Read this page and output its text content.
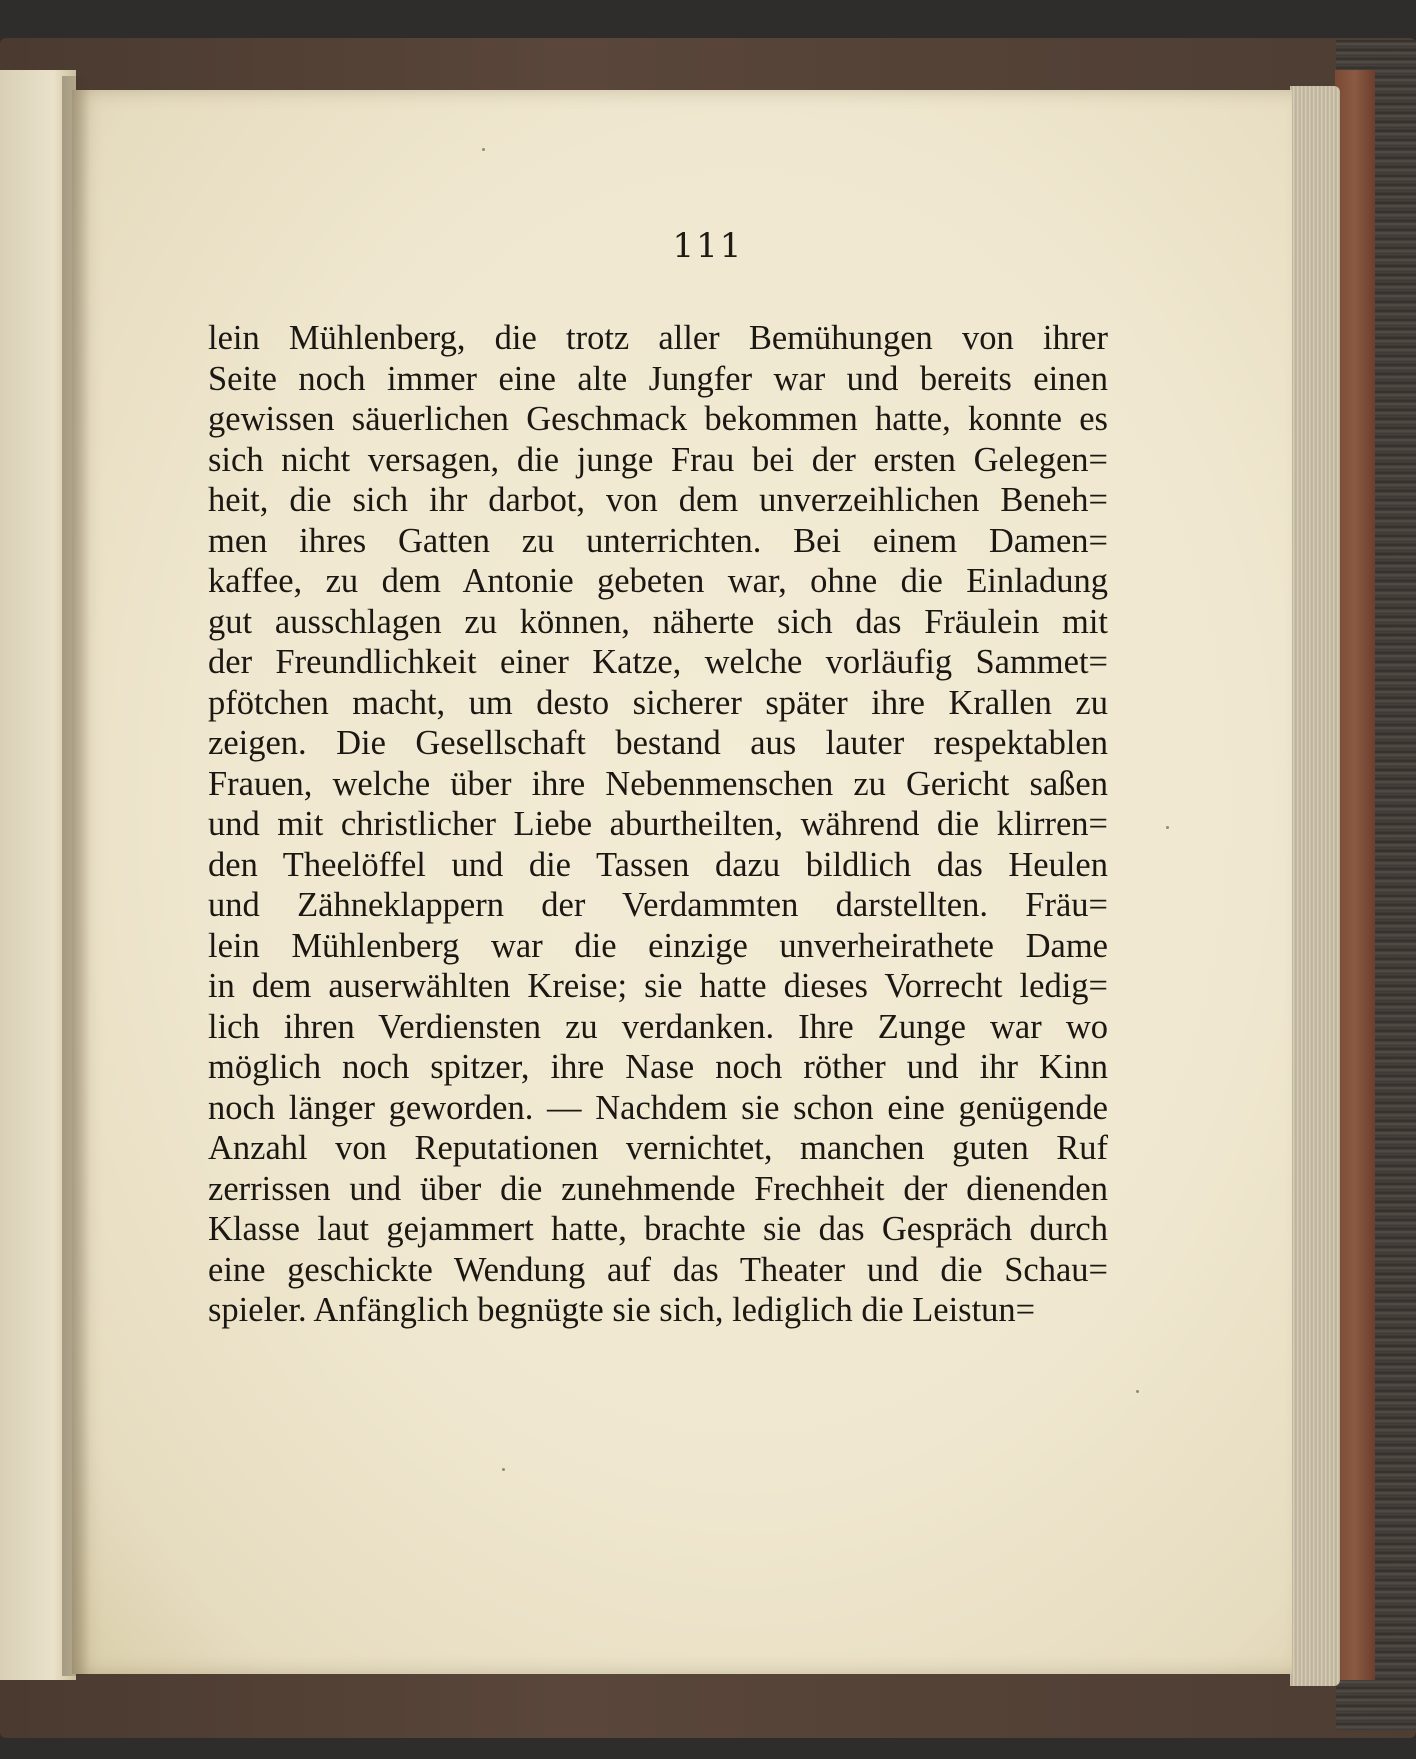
111
lein Mühlenberg, die trotz aller Bemühungen von ihrer
Seite noch immer eine alte Jungfer war und bereits einen
gewissen säuerlichen Geschmack bekommen hatte, konnte es
sich nicht versagen, die junge Frau bei der ersten Gelegen=
heit, die sich ihr darbot, von dem unverzeihlichen Beneh=
men ihres Gatten zu unterrichten. Bei einem Damen=
kaffee, zu dem Antonie gebeten war, ohne die Einladung
gut ausschlagen zu können, näherte sich das Fräulein mit
der Freundlichkeit einer Katze, welche vorläufig Sammet=
pfötchen macht, um desto sicherer später ihre Krallen zu
zeigen. Die Gesellschaft bestand aus lauter respektablen
Frauen, welche über ihre Nebenmenschen zu Gericht saßen
und mit christlicher Liebe aburtheilten, während die klirren=
den Theelöffel und die Tassen dazu bildlich das Heulen
und Zähneklappern der Verdammten darstellten. Fräu=
lein Mühlenberg war die einzige unverheirathete Dame
in dem auserwählten Kreise; sie hatte dieses Vorrecht ledig=
lich ihren Verdiensten zu verdanken. Ihre Zunge war wo
möglich noch spitzer, ihre Nase noch röther und ihr Kinn
noch länger geworden. — Nachdem sie schon eine genügende
Anzahl von Reputationen vernichtet, manchen guten Ruf
zerrissen und über die zunehmende Frechheit der dienenden
Klasse laut gejammert hatte, brachte sie das Gespräch durch
eine geschickte Wendung auf das Theater und die Schau=
spieler. Anfänglich begnügte sie sich, lediglich die Leistun=
